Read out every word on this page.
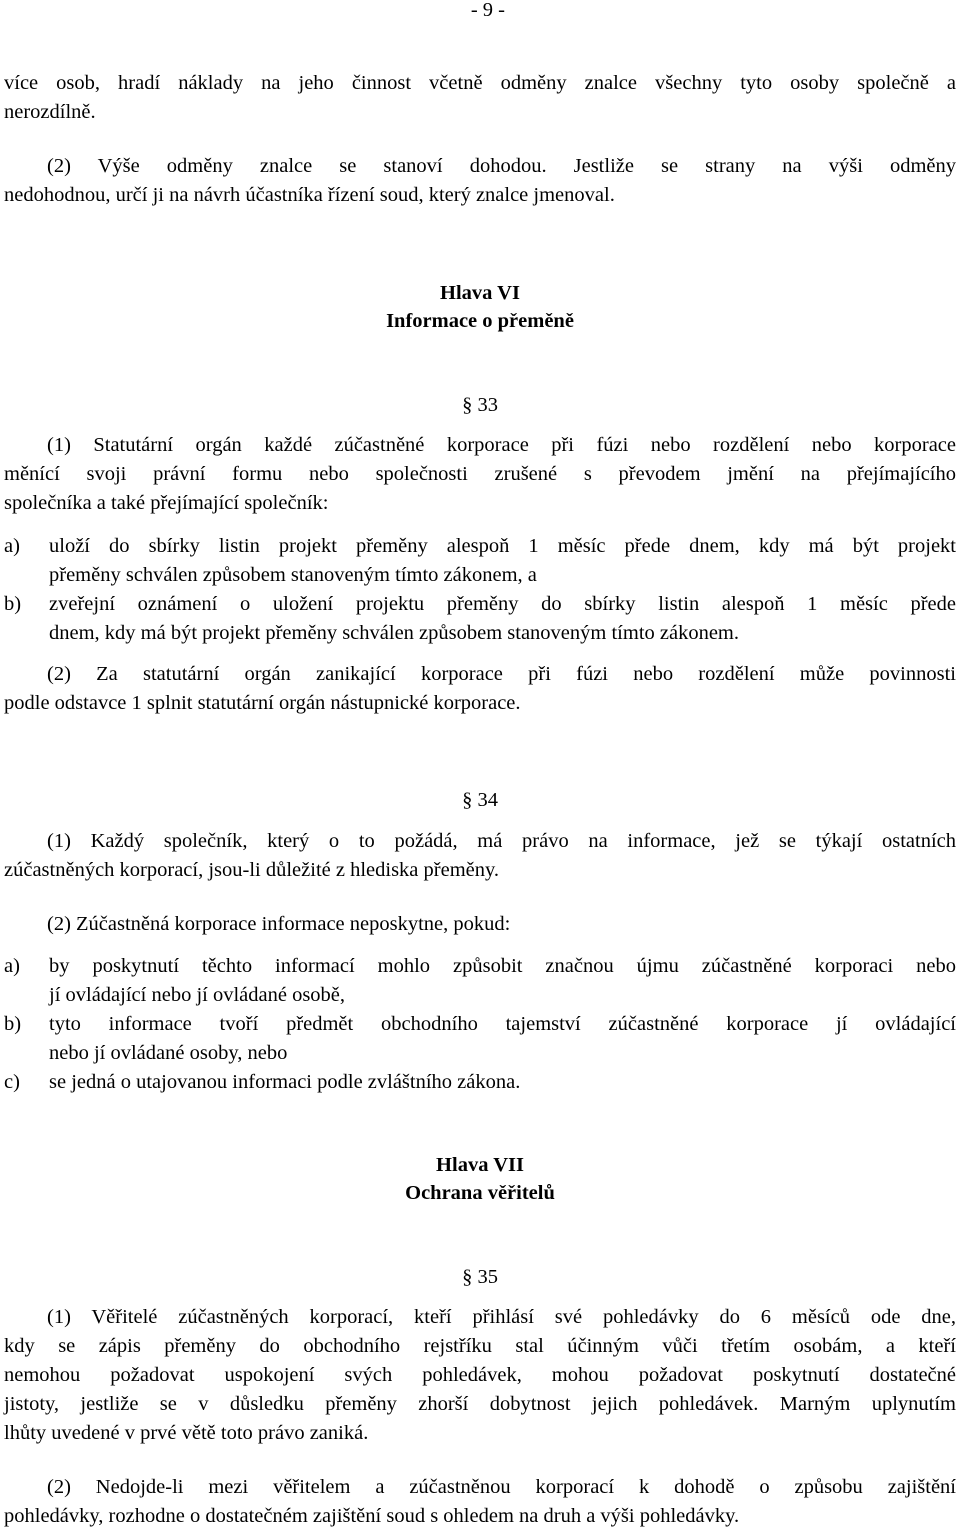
- 9 -

více osob, hradí náklady na jeho činnost včetně odměny znalce všechny tyto osoby společně a

nerozdílně.

(2) Výše odměny znalce se stanoví dohodou. Jestliže se strany na výši odměny

nedohodnou, určí ji na návrh účastníka řízení soud, který znalce jmenoval.

Hlava VI
Informace o přeměně
§ 33

(1) Statutární orgán každé zúčastněné korporace při fúzi nebo rozdělení nebo korporace

měnící svoji právní formu nebo společnosti zrušené s převodem jmění na přejímajícího

společníka a také přejímající společník:

a) uloží do sbírky listin projekt přeměny alespoň 1 měsíc přede dnem, kdy má být projekt
přeměny schválen způsobem stanoveným tímto zákonem, a
b) zveřejní oznámení o uložení projektu přeměny do sbírky listin alespoň 1 měsíc přede
dnem, kdy má být projekt přeměny schválen způsobem stanoveným tímto zákonem.

(2) Za statutární orgán zanikající korporace při fúzi nebo rozdělení může povinnosti

podle odstavce 1 splnit statutární orgán nástupnické korporace.

§ 34

(1) Každý společník, který o to požádá, má právo na informace, jež se týkají ostatních

zúčastněných korporací, jsou-li důležité z hlediska přeměny.

(2) Zúčastněná korporace informace neposkytne, pokud:

a) by poskytnutí těchto informací mohlo způsobit značnou újmu zúčastněné korporaci nebo
jí ovládající nebo jí ovládané osobě,
b) tyto informace tvoří předmět obchodního tajemství zúčastněné korporace jí ovládající
nebo jí ovládané osoby, nebo
c) se jedná o utajovanou informaci podle zvláštního zákona.
Hlava VII
Ochrana věřitelů
§ 35

(1) Věřitelé zúčastněných korporací, kteří přihlásí své pohledávky do 6 měsíců ode dne,

kdy se zápis přeměny do obchodního rejstříku stal účinným vůči třetím osobám, a kteří

nemohou požadovat uspokojení svých pohledávek, mohou požadovat poskytnutí dostatečné

jistoty, jestliže se v důsledku přeměny zhorší dobytnost jejich pohledávek. Marným uplynutím

lhůty uvedené v prvé větě toto právo zaniká.

(2) Nedojde-li mezi věřitelem a zúčastněnou korporací k dohodě o způsobu zajištění

pohledávky, rozhodne o dostatečném zajištění soud s ohledem na druh a výši pohledávky.
